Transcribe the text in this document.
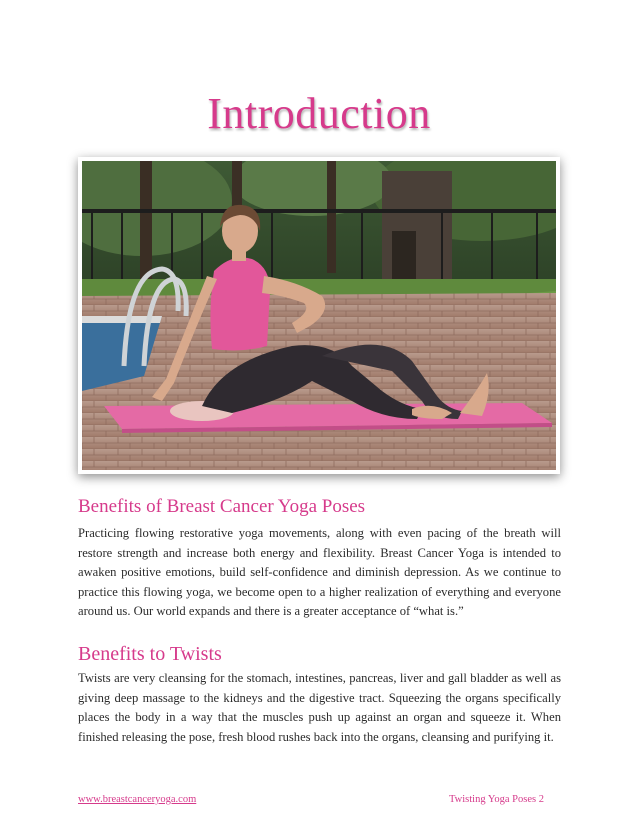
Introduction
Benefits of Breast Cancer Yoga Poses

Practicing flowing restorative yoga movements, along with even pacing of the breath will restore strength and increase both energy and flexibility. Breast Cancer Yoga is intended to awaken positive emotions, build self-confidence and diminish depression. As we continue to practice this flowing yoga, we become open to a higher realization of everything and everyone around us. Our world expands and there is a greater acceptance of “what is.”

Benefits to Twists

Twists are very cleansing for the stomach, intestines, pancreas, liver and gall bladder as well as giving deep massage to the kidneys and the digestive tract. Squeezing the organs specifically places the body in a way that the muscles push up against an organ and squeeze it. When finished releasing the pose, fresh blood rushes back into the organs, cleansing and purifying it.

www.breastcanceryoga.com	Twisting Yoga Poses 2
